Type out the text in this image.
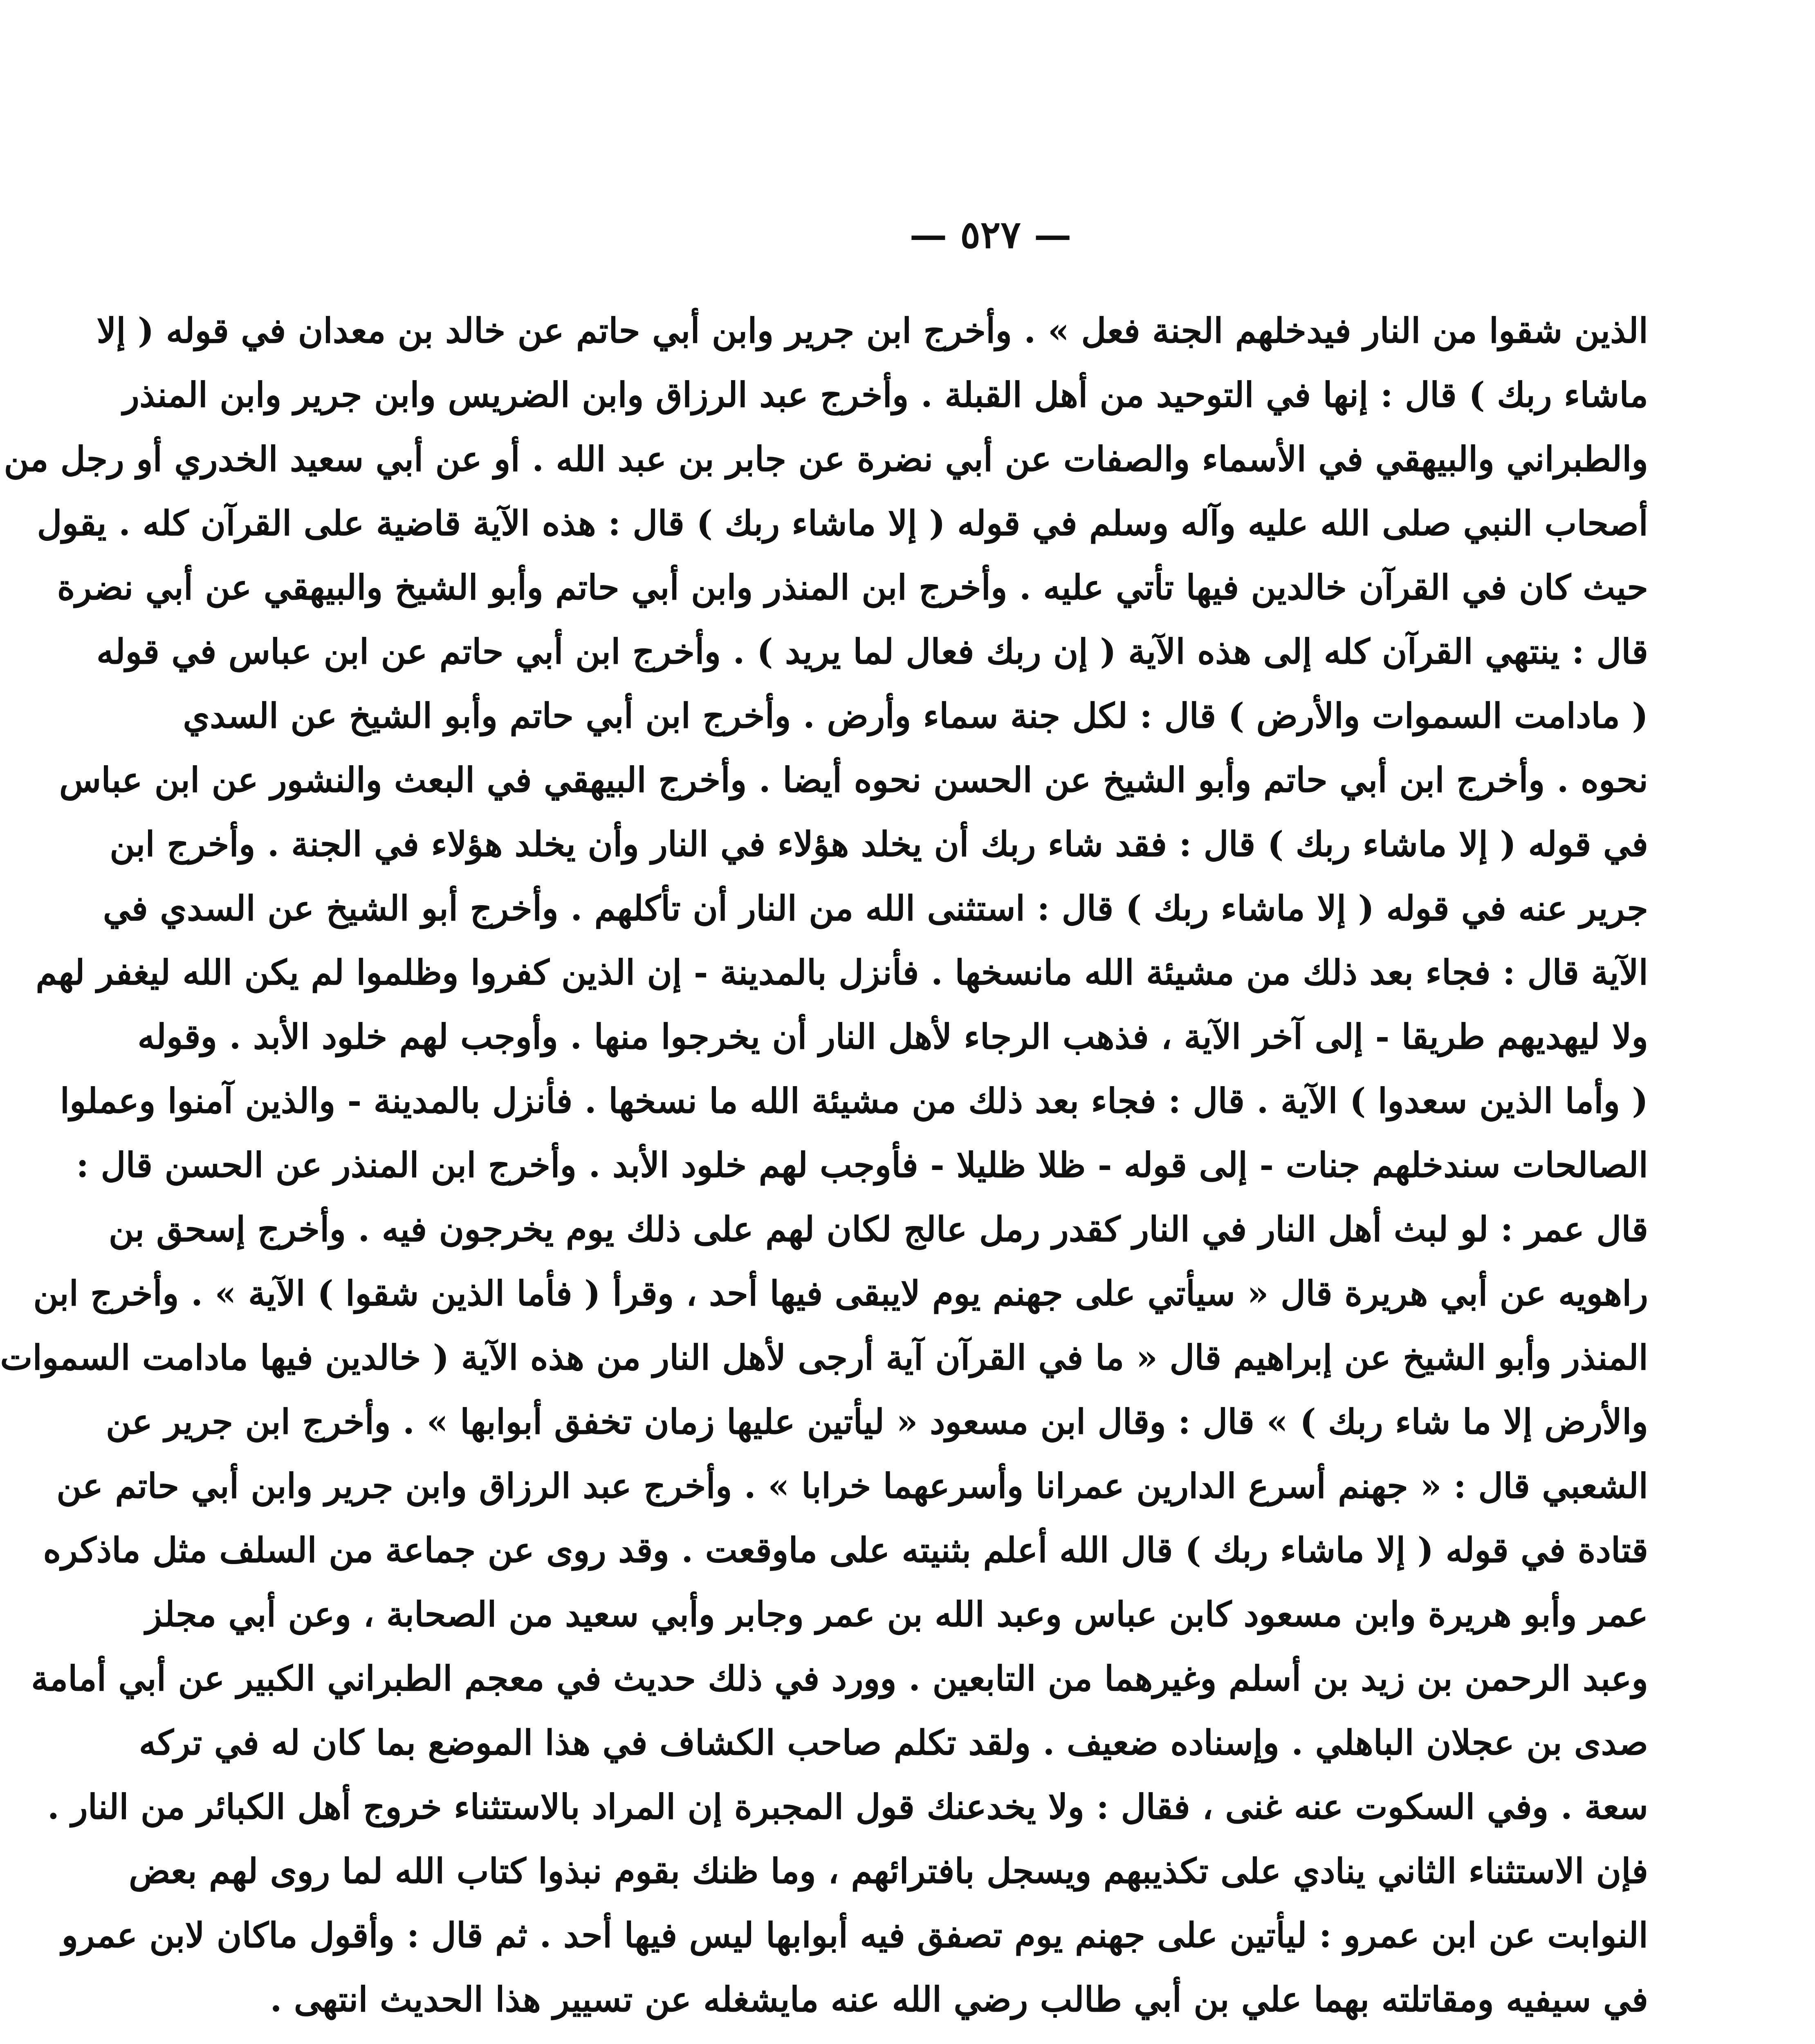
— ٥٢٧ —
الذين شقوا من النار فيدخلهم الجنة فعل » . وأخرج ابن جرير وابن أبي حاتم عن خالد بن معدان في قوله ( إلا
ماشاء ربك ) قال : إنها في التوحيد من أهل القبلة . وأخرج عبد الرزاق وابن الضريس وابن جرير وابن المنذر
والطبراني والبيهقي في الأسماء والصفات عن أبي نضرة عن جابر بن عبد الله . أو عن أبي سعيد الخدري أو رجل من
أصحاب النبي صلى الله عليه وآله وسلم في قوله ( إلا ماشاء ربك ) قال : هذه الآية قاضية على القرآن كله . يقول
حيث كان في القرآن خالدين فيها تأتي عليه . وأخرج ابن المنذر وابن أبي حاتم وأبو الشيخ والبيهقي عن أبي نضرة
قال : ينتهي القرآن كله إلى هذه الآية ( إن ربك فعال لما يريد ) . وأخرج ابن أبي حاتم عن ابن عباس في قوله
( مادامت السموات والأرض ) قال : لكل جنة سماء وأرض . وأخرج ابن أبي حاتم وأبو الشيخ عن السدي
نحوه . وأخرج ابن أبي حاتم وأبو الشيخ عن الحسن نحوه أيضا . وأخرج البيهقي في البعث والنشور عن ابن عباس
في قوله ( إلا ماشاء ربك ) قال : فقد شاء ربك أن يخلد هؤلاء في النار وأن يخلد هؤلاء في الجنة . وأخرج ابن
جرير عنه في قوله ( إلا ماشاء ربك ) قال : استثنى الله من النار أن تأكلهم . وأخرج أبو الشيخ عن السدي في
الآية قال : فجاء بعد ذلك من مشيئة الله مانسخها . فأنزل بالمدينة - إن الذين كفروا وظلموا لم يكن الله ليغفر لهم
ولا ليهديهم طريقا - إلى آخر الآية ، فذهب الرجاء لأهل النار أن يخرجوا منها . وأوجب لهم خلود الأبد . وقوله
( وأما الذين سعدوا ) الآية . قال : فجاء بعد ذلك من مشيئة الله ما نسخها . فأنزل بالمدينة - والذين آمنوا وعملوا
الصالحات سندخلهم جنات - إلى قوله - ظلا ظليلا - فأوجب لهم خلود الأبد . وأخرج ابن المنذر عن الحسن قال :
قال عمر : لو لبث أهل النار في النار كقدر رمل عالج لكان لهم على ذلك يوم يخرجون فيه . وأخرج إسحق بن
راهويه عن أبي هريرة قال « سيأتي على جهنم يوم لايبقى فيها أحد ، وقرأ ( فأما الذين شقوا ) الآية » . وأخرج ابن
المنذر وأبو الشيخ عن إبراهيم قال « ما في القرآن آية أرجى لأهل النار من هذه الآية ( خالدين فيها مادامت السموات
والأرض إلا ما شاء ربك ) » قال : وقال ابن مسعود « ليأتين عليها زمان تخفق أبوابها » . وأخرج ابن جرير عن
الشعبي قال : « جهنم أسرع الدارين عمرانا وأسرعهما خرابا » . وأخرج عبد الرزاق وابن جرير وابن أبي حاتم عن
قتادة في قوله ( إلا ماشاء ربك ) قال الله أعلم بثنيته على ماوقعت . وقد روى عن جماعة من السلف مثل ماذكره
عمر وأبو هريرة وابن مسعود كابن عباس وعبد الله بن عمر وجابر وأبي سعيد من الصحابة ، وعن أبي مجلز
وعبد الرحمن بن زيد بن أسلم وغيرهما من التابعين . وورد في ذلك حديث في معجم الطبراني الكبير عن أبي أمامة
صدى بن عجلان الباهلي . وإسناده ضعيف . ولقد تكلم صاحب الكشاف في هذا الموضع بما كان له في تركه
سعة . وفي السكوت عنه غنى ، فقال : ولا يخدعنك قول المجبرة إن المراد بالاستثناء خروج أهل الكبائر من النار .
فإن الاستثناء الثاني ينادي على تكذيبهم ويسجل بافترائهم ، وما ظنك بقوم نبذوا كتاب الله لما روى لهم بعض
النوابت عن ابن عمرو : ليأتين على جهنم يوم تصفق فيه أبوابها ليس فيها أحد . ثم قال : وأقول ماكان لابن عمرو
في سيفيه ومقاتلته بهما علي بن أبي طالب رضي الله عنه مايشغله عن تسيير هذا الحديث انتهى .
